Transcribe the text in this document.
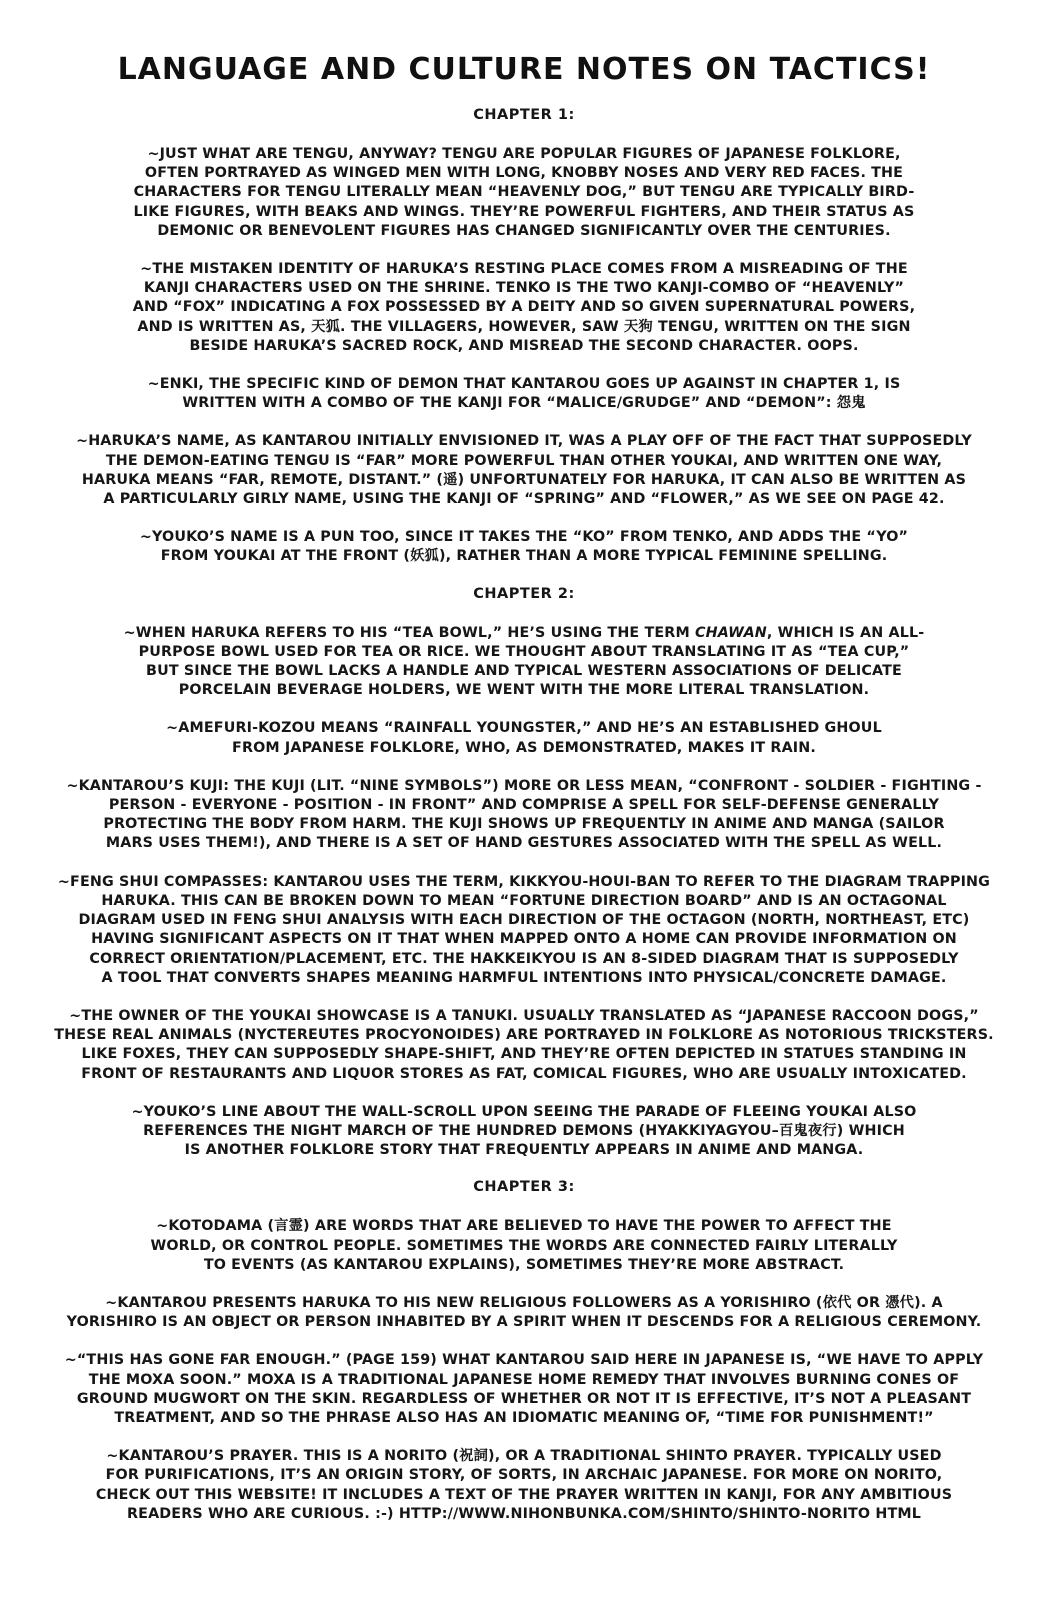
LANGUAGE AND CULTURE NOTES ON TACTICS!
CHAPTER 1:

~JUST WHAT ARE TENGU, ANYWAY? TENGU ARE POPULAR FIGURES OF JAPANESE FOLKLORE,
OFTEN PORTRAYED AS WINGED MEN WITH LONG, KNOBBY NOSES AND VERY RED FACES. THE
CHARACTERS FOR TENGU LITERALLY MEAN “HEAVENLY DOG,” BUT TENGU ARE TYPICALLY BIRD-
LIKE FIGURES, WITH BEAKS AND WINGS. THEY’RE POWERFUL FIGHTERS, AND THEIR STATUS AS
DEMONIC OR BENEVOLENT FIGURES HAS CHANGED SIGNIFICANTLY OVER THE CENTURIES.

~THE MISTAKEN IDENTITY OF HARUKA’S RESTING PLACE COMES FROM A MISREADING OF THE
KANJI CHARACTERS USED ON THE SHRINE. TENKO IS THE TWO KANJI-COMBO OF “HEAVENLY”
AND “FOX” INDICATING A FOX POSSESSED BY A DEITY AND SO GIVEN SUPERNATURAL POWERS,
AND IS WRITTEN AS, 天狐. THE VILLAGERS, HOWEVER, SAW 天狗 TENGU, WRITTEN ON THE SIGN
BESIDE HARUKA’S SACRED ROCK, AND MISREAD THE SECOND CHARACTER. OOPS.

~ENKI, THE SPECIFIC KIND OF DEMON THAT KANTAROU GOES UP AGAINST IN CHAPTER 1, IS
WRITTEN WITH A COMBO OF THE KANJI FOR “MALICE/GRUDGE” AND “DEMON”: 怨鬼

~HARUKA’S NAME, AS KANTAROU INITIALLY ENVISIONED IT, WAS A PLAY OFF OF THE FACT THAT SUPPOSEDLY
THE DEMON-EATING TENGU IS “FAR” MORE POWERFUL THAN OTHER YOUKAI, AND WRITTEN ONE WAY,
HARUKA MEANS “FAR, REMOTE, DISTANT.” (遥) UNFORTUNATELY FOR HARUKA, IT CAN ALSO BE WRITTEN AS
A PARTICULARLY GIRLY NAME, USING THE KANJI OF “SPRING” AND “FLOWER,” AS WE SEE ON PAGE 42.

~YOUKO’S NAME IS A PUN TOO, SINCE IT TAKES THE “KO” FROM TENKO, AND ADDS THE “YO”
FROM YOUKAI AT THE FRONT (妖狐), RATHER THAN A MORE TYPICAL FEMININE SPELLING.

CHAPTER 2:

~WHEN HARUKA REFERS TO HIS “TEA BOWL,” HE’S USING THE TERM CHAWAN, WHICH IS AN ALL-
PURPOSE BOWL USED FOR TEA OR RICE. WE THOUGHT ABOUT TRANSLATING IT AS “TEA CUP,”
BUT SINCE THE BOWL LACKS A HANDLE AND TYPICAL WESTERN ASSOCIATIONS OF DELICATE
PORCELAIN BEVERAGE HOLDERS, WE WENT WITH THE MORE LITERAL TRANSLATION.

~AMEFURI-KOZOU MEANS “RAINFALL YOUNGSTER,” AND HE’S AN ESTABLISHED GHOUL
FROM JAPANESE FOLKLORE, WHO, AS DEMONSTRATED, MAKES IT RAIN.

~KANTAROU’S KUJI: THE KUJI (LIT. “NINE SYMBOLS”) MORE OR LESS MEAN, “CONFRONT - SOLDIER - FIGHTING -
PERSON - EVERYONE - POSITION - IN FRONT” AND COMPRISE A SPELL FOR SELF-DEFENSE GENERALLY
PROTECTING THE BODY FROM HARM. THE KUJI SHOWS UP FREQUENTLY IN ANIME AND MANGA (SAILOR
MARS USES THEM!), AND THERE IS A SET OF HAND GESTURES ASSOCIATED WITH THE SPELL AS WELL.

~FENG SHUI COMPASSES: KANTAROU USES THE TERM, KIKKYOU-HOUI-BAN TO REFER TO THE DIAGRAM TRAPPING
HARUKA. THIS CAN BE BROKEN DOWN TO MEAN “FORTUNE DIRECTION BOARD” AND IS AN OCTAGONAL
DIAGRAM USED IN FENG SHUI ANALYSIS WITH EACH DIRECTION OF THE OCTAGON (NORTH, NORTHEAST, ETC)
HAVING SIGNIFICANT ASPECTS ON IT THAT WHEN MAPPED ONTO A HOME CAN PROVIDE INFORMATION ON
CORRECT ORIENTATION/PLACEMENT, ETC. THE HAKKEIKYOU IS AN 8-SIDED DIAGRAM THAT IS SUPPOSEDLY
A TOOL THAT CONVERTS SHAPES MEANING HARMFUL INTENTIONS INTO PHYSICAL/CONCRETE DAMAGE.

~THE OWNER OF THE YOUKAI SHOWCASE IS A TANUKI. USUALLY TRANSLATED AS “JAPANESE RACCOON DOGS,”
THESE REAL ANIMALS (NYCTEREUTES PROCYONOIDES) ARE PORTRAYED IN FOLKLORE AS NOTORIOUS TRICKSTERS.
LIKE FOXES, THEY CAN SUPPOSEDLY SHAPE-SHIFT, AND THEY’RE OFTEN DEPICTED IN STATUES STANDING IN
FRONT OF RESTAURANTS AND LIQUOR STORES AS FAT, COMICAL FIGURES, WHO ARE USUALLY INTOXICATED.

~YOUKO’S LINE ABOUT THE WALL-SCROLL UPON SEEING THE PARADE OF FLEEING YOUKAI ALSO
REFERENCES THE NIGHT MARCH OF THE HUNDRED DEMONS (HYAKKIYAGYOU–百鬼夜行) WHICH
IS ANOTHER FOLKLORE STORY THAT FREQUENTLY APPEARS IN ANIME AND MANGA.

CHAPTER 3:

~KOTODAMA (言霊) ARE WORDS THAT ARE BELIEVED TO HAVE THE POWER TO AFFECT THE
WORLD, OR CONTROL PEOPLE. SOMETIMES THE WORDS ARE CONNECTED FAIRLY LITERALLY
TO EVENTS (AS KANTAROU EXPLAINS), SOMETIMES THEY’RE MORE ABSTRACT.

~KANTAROU PRESENTS HARUKA TO HIS NEW RELIGIOUS FOLLOWERS AS A YORISHIRO (依代 OR 憑代). A
YORISHIRO IS AN OBJECT OR PERSON INHABITED BY A SPIRIT WHEN IT DESCENDS FOR A RELIGIOUS CEREMONY.

~“THIS HAS GONE FAR ENOUGH.” (PAGE 159) WHAT KANTAROU SAID HERE IN JAPANESE IS, “WE HAVE TO APPLY
THE MOXA SOON.” MOXA IS A TRADITIONAL JAPANESE HOME REMEDY THAT INVOLVES BURNING CONES OF
GROUND MUGWORT ON THE SKIN. REGARDLESS OF WHETHER OR NOT IT IS EFFECTIVE, IT’S NOT A PLEASANT
TREATMENT, AND SO THE PHRASE ALSO HAS AN IDIOMATIC MEANING OF, “TIME FOR PUNISHMENT!”

~KANTAROU’S PRAYER. THIS IS A NORITO (祝詞), OR A TRADITIONAL SHINTO PRAYER. TYPICALLY USED
FOR PURIFICATIONS, IT’S AN ORIGIN STORY, OF SORTS, IN ARCHAIC JAPANESE. FOR MORE ON NORITO,
CHECK OUT THIS WEBSITE! IT INCLUDES A TEXT OF THE PRAYER WRITTEN IN KANJI, FOR ANY AMBITIOUS
READERS WHO ARE CURIOUS. :-) HTTP://WWW.NIHONBUNKA.COM/SHINTO/SHINTO-NORITO HTML
